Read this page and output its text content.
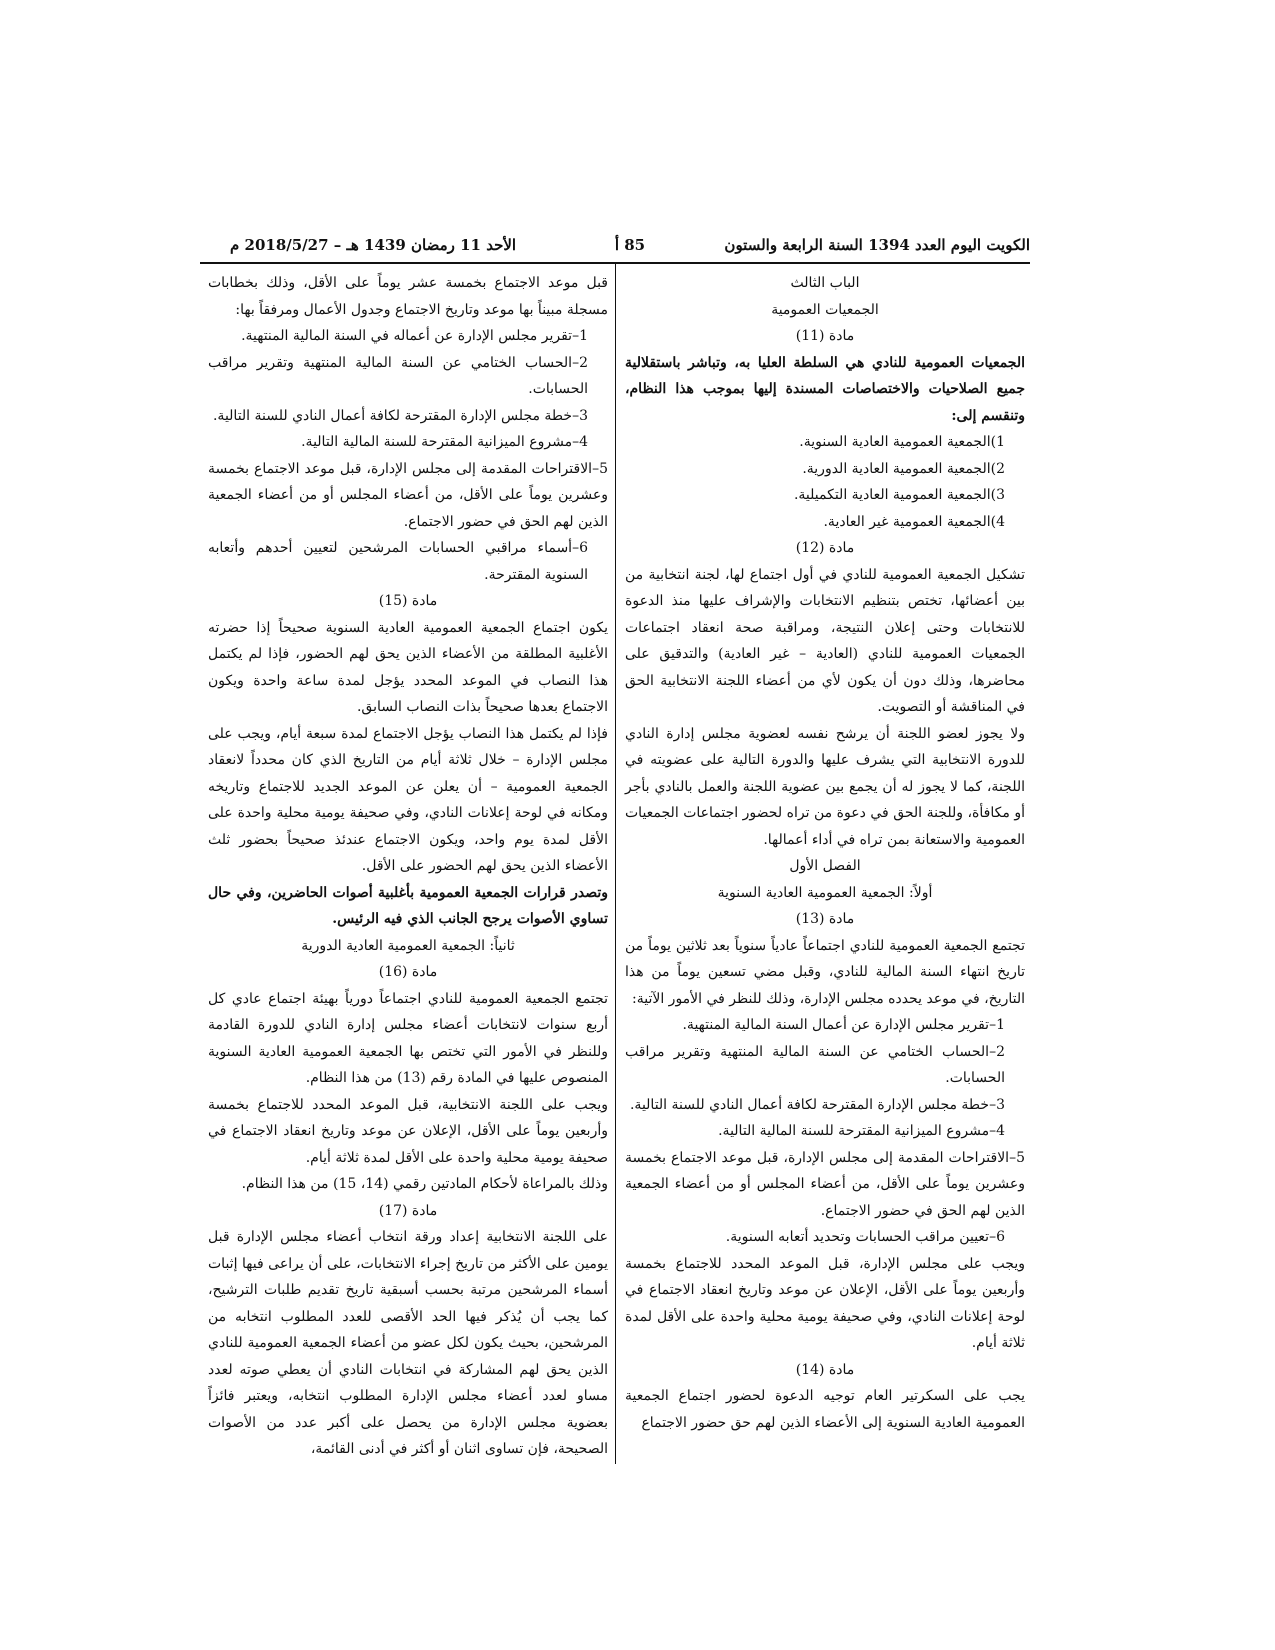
الكويت اليوم العدد 1394 السنة الرابعة والستون
85 أ
الأحد 11 رمضان 1439 هـ – 2018/5/27 م

الباب الثالث

الجمعيات العمومية

مادة (11)

الجمعيات العمومية للنادي هي السلطة العليا به، وتباشر باستقلالية جميع الصلاحيات والاختصاصات المسندة إليها بموجب هذا النظام، وتنقسم إلى:

1)الجمعية العمومية العادية السنوية.

2)الجمعية العمومية العادية الدورية.

3)الجمعية العمومية العادية التكميلية.

4)الجمعية العمومية غير العادية.

مادة (12)

تشكيل الجمعية العمومية للنادي في أول اجتماع لها، لجنة انتخابية من بين أعضائها، تختص بتنظيم الانتخابات والإشراف عليها منذ الدعوة للانتخابات وحتى إعلان النتيجة، ومراقبة صحة انعقاد اجتماعات الجمعيات العمومية للنادي (العادية – غير العادية) والتدقيق على محاضرها، وذلك دون أن يكون لأي من أعضاء اللجنة الانتخابية الحق في المناقشة أو التصويت.

ولا يجوز لعضو اللجنة أن يرشح نفسه لعضوية مجلس إدارة النادي للدورة الانتخابية التي يشرف عليها والدورة التالية على عضويته في اللجنة، كما لا يجوز له أن يجمع بين عضوية اللجنة والعمل بالنادي بأجر أو مكافأة، وللجنة الحق في دعوة من تراه لحضور اجتماعات الجمعيات العمومية والاستعانة بمن تراه في أداء أعمالها.

الفصل الأول

أولاً: الجمعية العمومية العادية السنوية

مادة (13)

تجتمع الجمعية العمومية للنادي اجتماعاً عادياً سنوياً بعد ثلاثين يوماً من تاريخ انتهاء السنة المالية للنادي، وقبل مضي تسعين يوماً من هذا التاريخ، في موعد يحدده مجلس الإدارة، وذلك للنظر في الأمور الآتية:

1–تقرير مجلس الإدارة عن أعمال السنة المالية المنتهية.

2–الحساب الختامي عن السنة المالية المنتهية وتقرير مراقب الحسابات.

3–خطة مجلس الإدارة المقترحة لكافة أعمال النادي للسنة التالية.

4–مشروع الميزانية المقترحة للسنة المالية التالية.

5–الاقتراحات المقدمة إلى مجلس الإدارة، قبل موعد الاجتماع بخمسة وعشرين يوماً على الأقل، من أعضاء المجلس أو من أعضاء الجمعية الذين لهم الحق في حضور الاجتماع.

6–تعيين مراقب الحسابات وتحديد أتعابه السنوية.

ويجب على مجلس الإدارة، قبل الموعد المحدد للاجتماع بخمسة وأربعين يوماً على الأقل، الإعلان عن موعد وتاريخ انعقاد الاجتماع في لوحة إعلانات النادي، وفي صحيفة يومية محلية واحدة على الأقل لمدة ثلاثة أيام.

مادة (14)

يجب على السكرتير العام توجيه الدعوة لحضور اجتماع الجمعية العمومية العادية السنوية إلى الأعضاء الذين لهم حق حضور الاجتماع

قبل موعد الاجتماع بخمسة عشر يوماً على الأقل، وذلك بخطابات مسجلة مبيناً بها موعد وتاريخ الاجتماع وجدول الأعمال ومرفقاً بها:

1–تقرير مجلس الإدارة عن أعماله في السنة المالية المنتهية.

2–الحساب الختامي عن السنة المالية المنتهية وتقرير مراقب الحسابات.

3–خطة مجلس الإدارة المقترحة لكافة أعمال النادي للسنة التالية.

4–مشروع الميزانية المقترحة للسنة المالية التالية.

5–الاقتراحات المقدمة إلى مجلس الإدارة، قبل موعد الاجتماع بخمسة وعشرين يوماً على الأقل، من أعضاء المجلس أو من أعضاء الجمعية الذين لهم الحق في حضور الاجتماع.

6–أسماء مراقبي الحسابات المرشحين لتعيين أحدهم وأتعابه السنوية المقترحة.

مادة (15)

يكون اجتماع الجمعية العمومية العادية السنوية صحيحاً إذا حضرته الأغلبية المطلقة من الأعضاء الذين يحق لهم الحضور، فإذا لم يكتمل هذا النصاب في الموعد المحدد يؤجل لمدة ساعة واحدة ويكون الاجتماع بعدها صحيحاً بذات النصاب السابق.

فإذا لم يكتمل هذا النصاب يؤجل الاجتماع لمدة سبعة أيام، ويجب على مجلس الإدارة – خلال ثلاثة أيام من التاريخ الذي كان محدداً لانعقاد الجمعية العمومية – أن يعلن عن الموعد الجديد للاجتماع وتاريخه ومكانه في لوحة إعلانات النادي، وفي صحيفة يومية محلية واحدة على الأقل لمدة يوم واحد، ويكون الاجتماع عندئذ صحيحاً بحضور ثلث الأعضاء الذين يحق لهم الحضور على الأقل.

وتصدر قرارات الجمعية العمومية بأغلبية أصوات الحاضرين، وفي حال تساوي الأصوات يرجح الجانب الذي فيه الرئيس.

ثانياً: الجمعية العمومية العادية الدورية

مادة (16)

تجتمع الجمعية العمومية للنادي اجتماعاً دورياً بهيئة اجتماع عادي كل أربع سنوات لانتخابات أعضاء مجلس إدارة النادي للدورة القادمة وللنظر في الأمور التي تختص بها الجمعية العمومية العادية السنوية المنصوص عليها في المادة رقم (13) من هذا النظام.

ويجب على اللجنة الانتخابية، قبل الموعد المحدد للاجتماع بخمسة وأربعين يوماً على الأقل، الإعلان عن موعد وتاريخ انعقاد الاجتماع في صحيفة يومية محلية واحدة على الأقل لمدة ثلاثة أيام.

وذلك بالمراعاة لأحكام المادتين رقمي (14، 15) من هذا النظام.

مادة (17)

على اللجنة الانتخابية إعداد ورقة انتخاب أعضاء مجلس الإدارة قبل يومين على الأكثر من تاريخ إجراء الانتخابات، على أن يراعى فيها إثبات أسماء المرشحين مرتبة بحسب أسبقية تاريخ تقديم طلبات الترشيح، كما يجب أن يُذكر فيها الحد الأقصى للعدد المطلوب انتخابه من المرشحين، بحيث يكون لكل عضو من أعضاء الجمعية العمومية للنادي الذين يحق لهم المشاركة في انتخابات النادي أن يعطي صوته لعدد مساو لعدد أعضاء مجلس الإدارة المطلوب انتخابه، ويعتبر فائزاً بعضوية مجلس الإدارة من يحصل على أكبر عدد من الأصوات الصحيحة، فإن تساوى اثنان أو أكثر في أدنى القائمة،
